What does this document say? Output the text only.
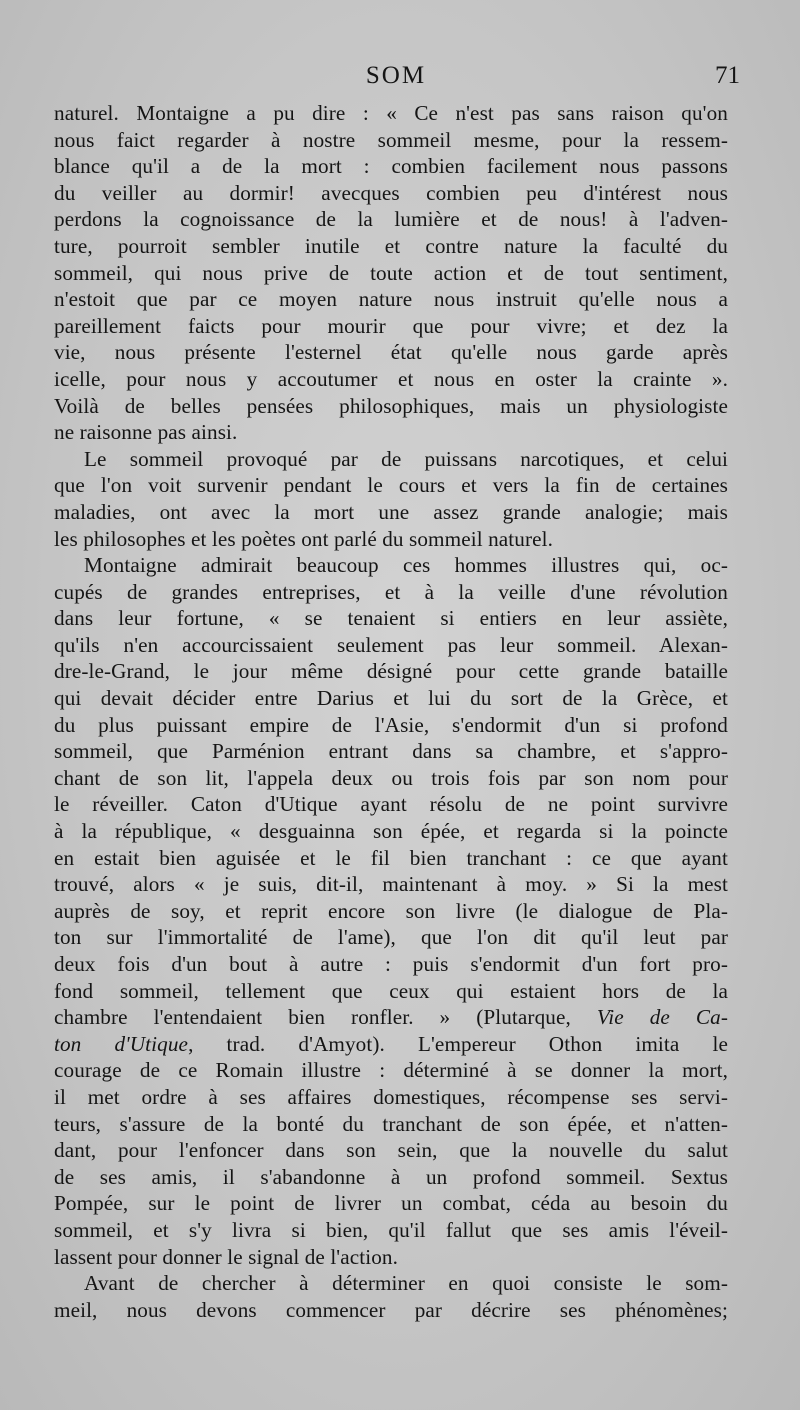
SOM	71
naturel. Montaigne a pu dire : « Ce n'est pas sans raison qu'on
nous faict regarder à nostre sommeil mesme, pour la ressem-
blance qu'il a de la mort : combien facilement nous passons
du veiller au dormir! avecques combien peu d'intérest nous
perdons la cognoissance de la lumière et de nous! à l'adven-
ture, pourroit sembler inutile et contre nature la faculté du
sommeil, qui nous prive de toute action et de tout sentiment,
n'estoit que par ce moyen nature nous instruit qu'elle nous a
pareillement faicts pour mourir que pour vivre; et dez la
vie, nous présente l'esternel état qu'elle nous garde après
icelle, pour nous y accoutumer et nous en oster la crainte ».
Voilà de belles pensées philosophiques, mais un physiologiste
ne raisonne pas ainsi.
Le sommeil provoqué par de puissans narcotiques, et celui
que l'on voit survenir pendant le cours et vers la fin de certaines
maladies, ont avec la mort une assez grande analogie; mais
les philosophes et les poètes ont parlé du sommeil naturel.
Montaigne admirait beaucoup ces hommes illustres qui, oc-
cupés de grandes entreprises, et à la veille d'une révolution
dans leur fortune, « se tenaient si entiers en leur assiète,
qu'ils n'en accourcissaient seulement pas leur sommeil. Alexan-
dre-le-Grand, le jour même désigné pour cette grande bataille
qui devait décider entre Darius et lui du sort de la Grèce, et
du plus puissant empire de l'Asie, s'endormit d'un si profond
sommeil, que Parménion entrant dans sa chambre, et s'appro-
chant de son lit, l'appela deux ou trois fois par son nom pour
le réveiller. Caton d'Utique ayant résolu de ne point survivre
à la république, « desguainna son épée, et regarda si la poincte
en estait bien aguisée et le fil bien tranchant : ce que ayant
trouvé, alors « je suis, dit-il, maintenant à moy. » Si la mest
auprès de soy, et reprit encore son livre (le dialogue de Pla-
ton sur l'immortalité de l'ame), que l'on dit qu'il leut par
deux fois d'un bout à autre : puis s'endormit d'un fort pro-
fond sommeil, tellement que ceux qui estaient hors de la
chambre l'entendaient bien ronfler. » (Plutarque, Vie de Ca-
ton d'Utique, trad. d'Amyot). L'empereur Othon imita le
courage de ce Romain illustre : déterminé à se donner la mort,
il met ordre à ses affaires domestiques, récompense ses servi-
teurs, s'assure de la bonté du tranchant de son épée, et n'atten-
dant, pour l'enfoncer dans son sein, que la nouvelle du salut
de ses amis, il s'abandonne à un profond sommeil. Sextus
Pompée, sur le point de livrer un combat, céda au besoin du
sommeil, et s'y livra si bien, qu'il fallut que ses amis l'éveil-
lassent pour donner le signal de l'action.
Avant de chercher à déterminer en quoi consiste le som-
meil, nous devons commencer par décrire ses phénomènes;
